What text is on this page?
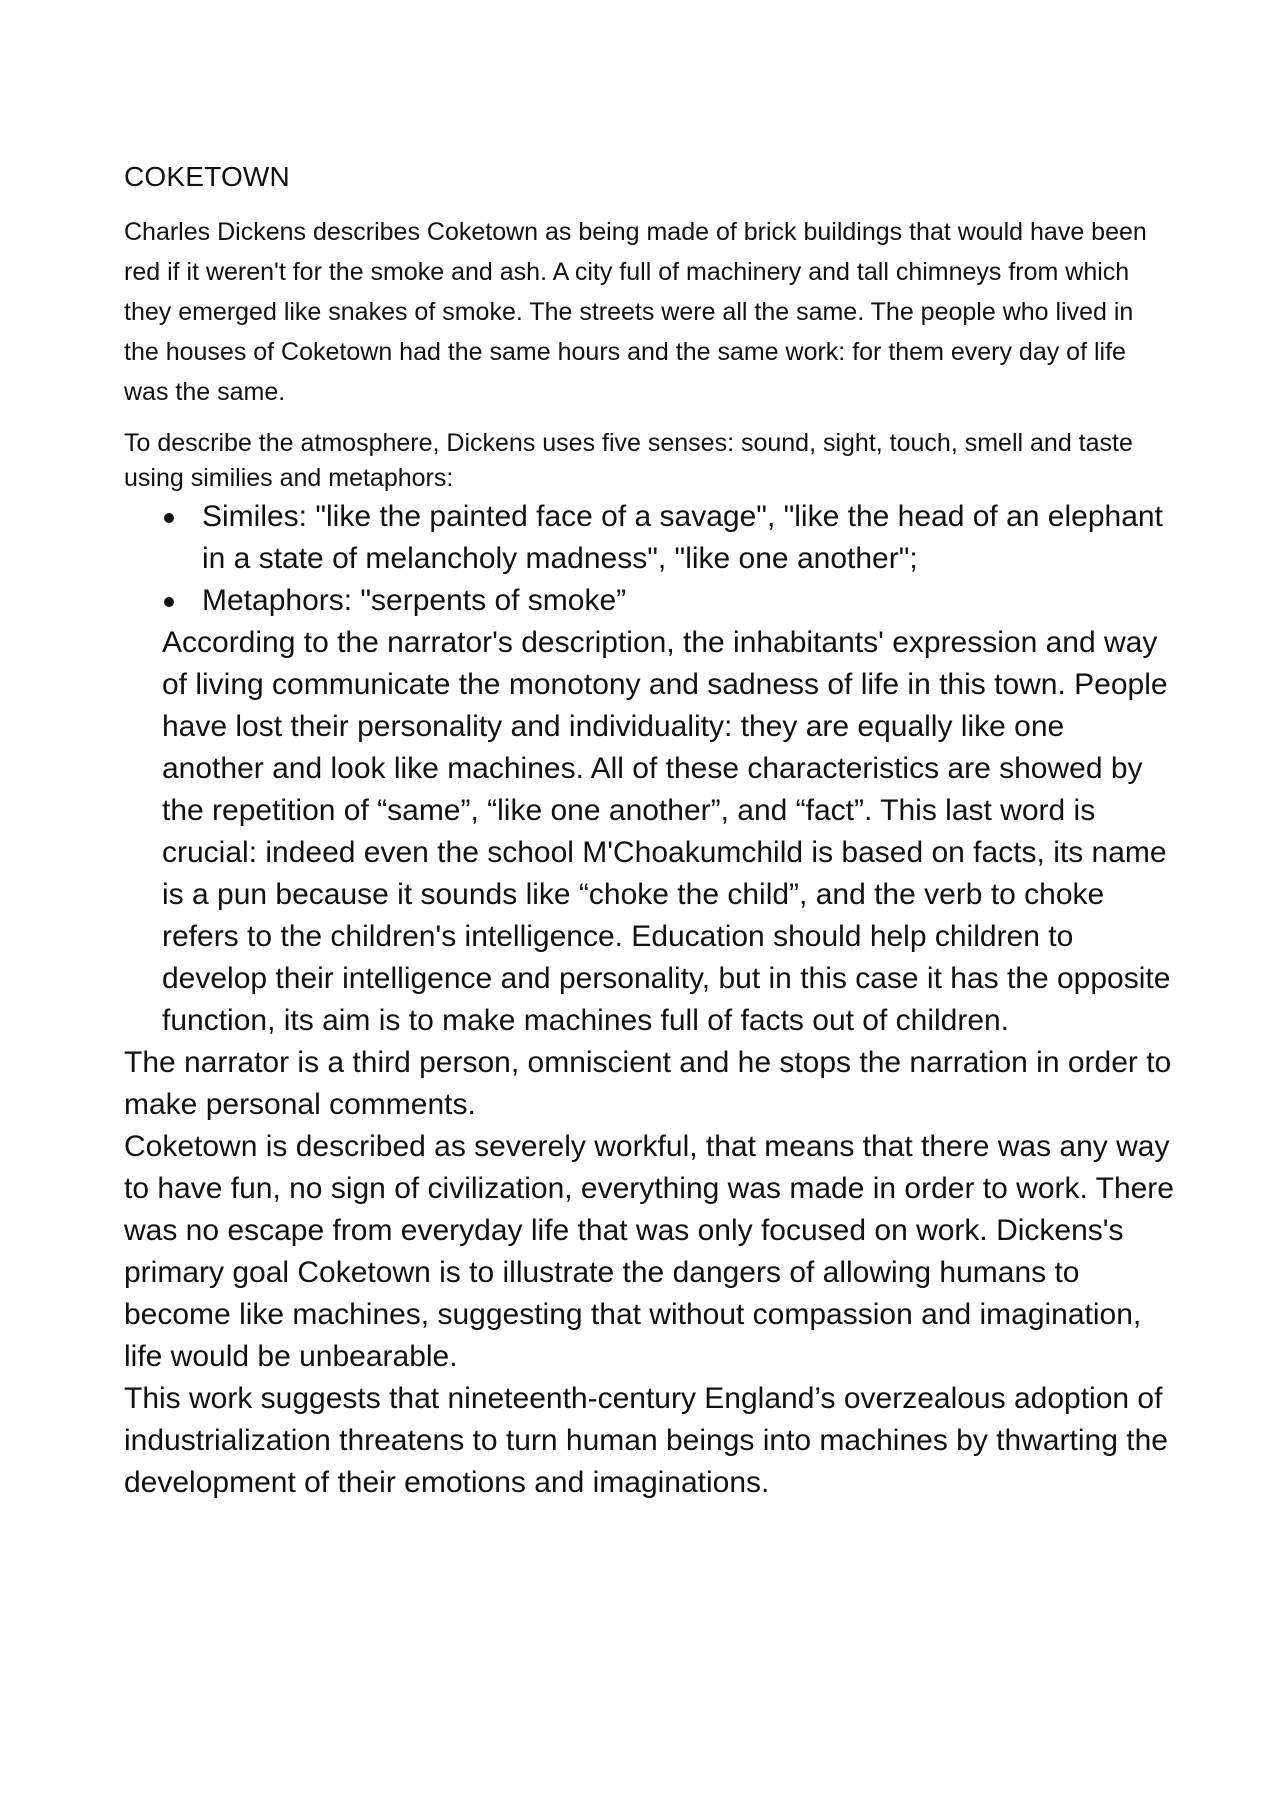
COKETOWN

Charles Dickens describes Coketown as being made of brick buildings that would have been red if it weren't for the smoke and ash. A city full of machinery and tall chimneys from which they emerged like snakes of smoke. The streets were all the same. The people who lived in the houses of Coketown had the same hours and the same work: for them every day of life was the same.

To describe the atmosphere, Dickens uses five senses: sound, sight, touch, smell and taste using similies and metaphors:

Similes: "like the painted face of a savage", "like the head of an elephant in a state of melancholy madness", "like one another";
Metaphors: "serpents of smoke”

According to the narrator's description, the inhabitants' expression and way of living communicate the monotony and sadness of life in this town. People have lost their personality and individuality: they are equally like one another and look like machines. All of these characteristics are showed by the repetition of “same”, “like one another”, and “fact”. This last word is crucial: indeed even the school M'Choakumchild is based on facts, its name is a pun because it sounds like “choke the child”, and the verb to choke refers to the children's intelligence. Education should help children to develop their intelligence and personality, but in this case it has the opposite function, its aim is to make machines full of facts out of children.

The narrator is a third person, omniscient and he stops the narration in order to make personal comments.

Coketown is described as severely workful, that means that there was any way to have fun, no sign of civilization, everything was made in order to work. There was no escape from everyday life that was only focused on work. Dickens's primary goal Coketown is to illustrate the dangers of allowing humans to become like machines, suggesting that without compassion and imagination, life would be unbearable.

This work suggests that nineteenth-century England’s overzealous adoption of industrialization threatens to turn human beings into machines by thwarting the development of their emotions and imaginations.
